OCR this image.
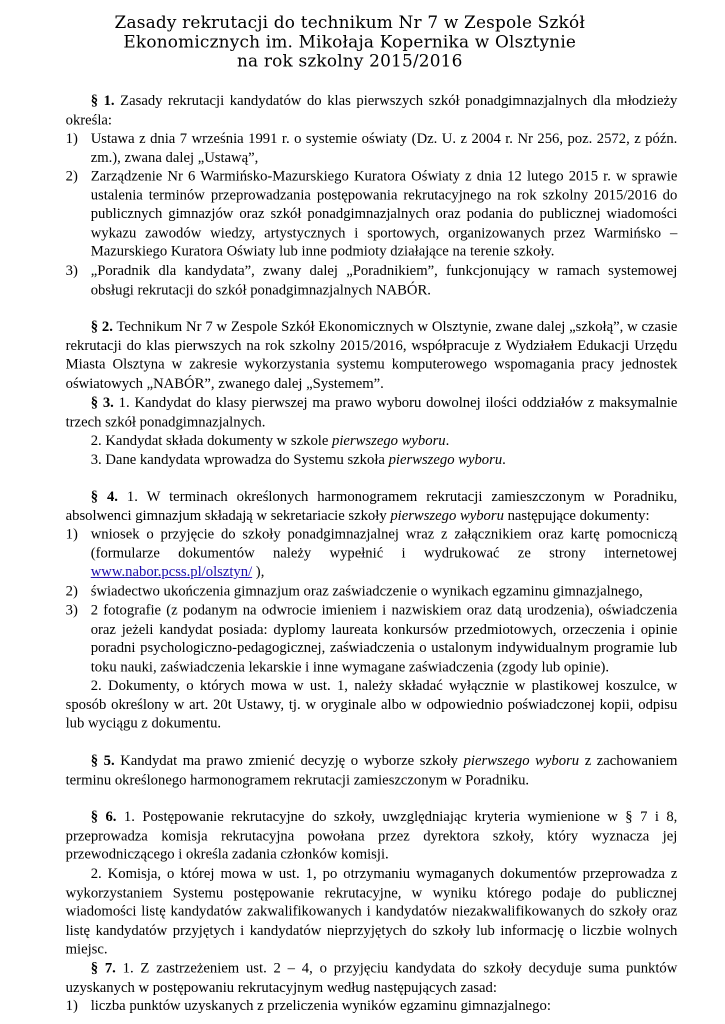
Zasady rekrutacji do technikum Nr 7 w Zespole Szkół
Ekonomicznych im. Mikołaja Kopernika w Olsztynie
na rok szkolny 2015/2016
§ 1. Zasady rekrutacji kandydatów do klas pierwszych szkół ponadgimnazjalnych dla młodzieży określa:
1) Ustawa z dnia 7 września 1991 r. o systemie oświaty (Dz. U. z 2004 r. Nr 256, poz. 2572, z późn. zm.), zwana dalej „Ustawą”,
2) Zarządzenie Nr 6 Warmińsko-Mazurskiego Kuratora Oświaty z dnia 12 lutego 2015 r. w sprawie ustalenia terminów przeprowadzania postępowania rekrutacyjnego na rok szkolny 2015/2016 do publicznych gimnazjów oraz szkół ponadgimnazjalnych oraz podania do publicznej wiadomości wykazu zawodów wiedzy, artystycznych i sportowych, organizowanych przez Warmińsko – Mazurskiego Kuratora Oświaty lub inne podmioty działające na terenie szkoły.
3) „Poradnik dla kandydata”, zwany dalej „Poradnikiem”, funkcjonujący w ramach systemowej obsługi rekrutacji do szkół ponadgimnazjalnych NABÓR.
§ 2. Technikum Nr 7 w Zespole Szkół Ekonomicznych w Olsztynie, zwane dalej „szkołą”, w czasie rekrutacji do klas pierwszych na rok szkolny 2015/2016, współpracuje z Wydziałem Edukacji Urzędu Miasta Olsztyna w zakresie wykorzystania systemu komputerowego wspomagania pracy jednostek oświatowych „NABÓR”, zwanego dalej „Systemem”.
§ 3. 1. Kandydat do klasy pierwszej ma prawo wyboru dowolnej ilości oddziałów z maksymalnie trzech szkół ponadgimnazjalnych.
2. Kandydat składa dokumenty w szkole pierwszego wyboru.
3. Dane kandydata wprowadza do Systemu szkoła pierwszego wyboru.
§ 4. 1. W terminach określonych harmonogramem rekrutacji zamieszczonym w Poradniku, absolwenci gimnazjum składają w sekretariacie szkoły pierwszego wyboru następujące dokumenty:
1) wniosek o przyjęcie do szkoły ponadgimnazjalnej wraz z załącznikiem oraz kartę pomocniczą (formularze dokumentów należy wypełnić i wydrukować ze strony internetowej www.nabor.pcss.pl/olsztyn/ ),
2) świadectwo ukończenia gimnazjum oraz zaświadczenie o wynikach egzaminu gimnazjalnego,
3) 2 fotografie (z podanym na odwrocie imieniem i nazwiskiem oraz datą urodzenia), oświadczenia oraz jeżeli kandydat posiada: dyplomy laureata konkursów przedmiotowych, orzeczenia i opinie poradni psychologiczno-pedagogicznej, zaświadczenia o ustalonym indywidualnym programie lub toku nauki, zaświadczenia lekarskie i inne wymagane zaświadczenia (zgody lub opinie).
2. Dokumenty, o których mowa w ust. 1, należy składać wyłącznie w plastikowej koszulce, w sposób określony w art. 20t Ustawy, tj. w oryginale albo w odpowiednio poświadczonej kopii, odpisu lub wyciągu z dokumentu.
§ 5. Kandydat ma prawo zmienić decyzję o wyborze szkoły pierwszego wyboru z zachowaniem terminu określonego harmonogramem rekrutacji zamieszczonym w Poradniku.
§ 6. 1. Postępowanie rekrutacyjne do szkoły, uwzględniając kryteria wymienione w § 7 i 8, przeprowadza komisja rekrutacyjna powołana przez dyrektora szkoły, który wyznacza jej przewodniczącego i określa zadania członków komisji.
2. Komisja, o której mowa w ust. 1, po otrzymaniu wymaganych dokumentów przeprowadza z wykorzystaniem Systemu postępowanie rekrutacyjne, w wyniku którego podaje do publicznej wiadomości listę kandydatów zakwalifikowanych i kandydatów niezakwalifikowanych do szkoły oraz listę kandydatów przyjętych i kandydatów nieprzyjętych do szkoły lub informację o liczbie wolnych miejsc.
§ 7. 1. Z zastrzeżeniem ust. 2 – 4, o przyjęciu kandydata do szkoły decyduje suma punktów uzyskanych w postępowaniu rekrutacyjnym według następujących zasad:
1) liczba punktów uzyskanych z przeliczenia wyników egzaminu gimnazjalnego:
